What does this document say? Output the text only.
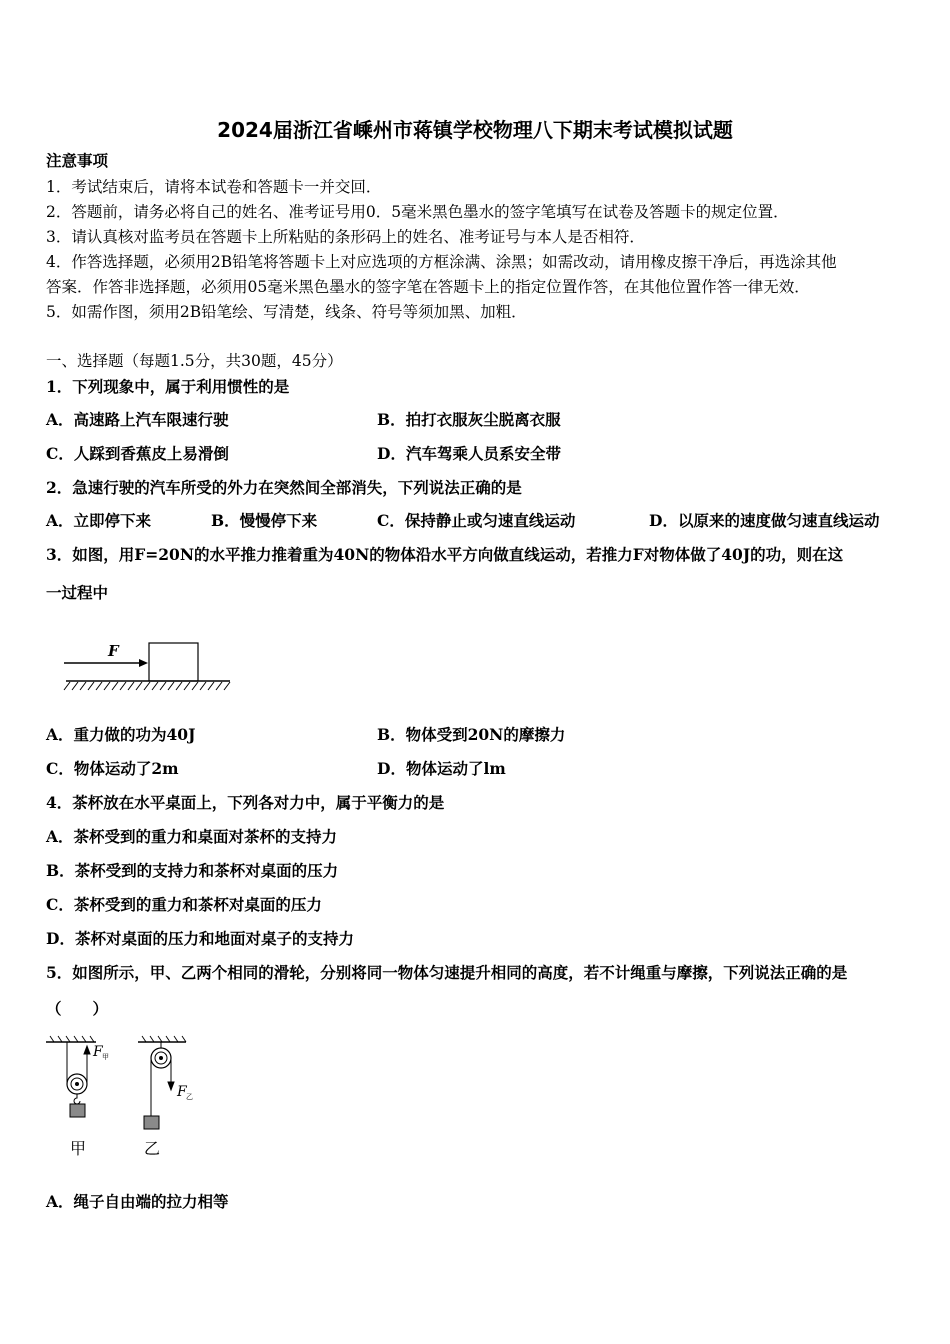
2024届浙江省嵊州市蒋镇学校物理八下期末考试模拟试题
注意事项
1．考试结束后，请将本试卷和答题卡一并交回．
2．答题前，请务必将自己的姓名、准考证号用0．5毫米黑色墨水的签字笔填写在试卷及答题卡的规定位置．
3．请认真核对监考员在答题卡上所粘贴的条形码上的姓名、准考证号与本人是否相符．
4．作答选择题，必须用2B铅笔将答题卡上对应选项的方框涂满、涂黑；如需改动，请用橡皮擦干净后，再选涂其他
答案．作答非选择题，必须用05毫米黑色墨水的签字笔在答题卡上的指定位置作答，在其他位置作答一律无效．
5．如需作图，须用2B铅笔绘、写清楚，线条、符号等须加黑、加粗．
一、选择题（每题1.5分，共30题，45分）
1．下列现象中，属于利用惯性的是
A．高速路上汽车限速行驶	B．拍打衣服灰尘脱离衣服
C．人踩到香蕉皮上易滑倒	D．汽车驾乘人员系安全带
2．急速行驶的汽车所受的外力在突然间全部消失，下列说法正确的是
A．立即停下来	B．慢慢停下来	C．保持静止或匀速直线运动	D．以原来的速度做匀速直线运动
3．如图，用F=20N的水平推力推着重为40N的物体沿水平方向做直线运动，若推力F对物体做了40J的功，则在这
一过程中
F
A．重力做的功为40J	B．物体受到20N的摩擦力
C．物体运动了2m	D．物体运动了lm
4．茶杯放在水平桌面上，下列各对力中，属于平衡力的是
A．茶杯受到的重力和桌面对茶杯的支持力
B．茶杯受到的支持力和茶杯对桌面的压力
C．茶杯受到的重力和茶杯对桌面的压力
D．茶杯对桌面的压力和地面对桌子的支持力
5．如图所示，甲、乙两个相同的滑轮，分别将同一物体匀速提升相同的高度，若不计绳重与摩擦，下列说法正确的是
（　　）
F 甲
甲
F 乙
乙
A．绳子自由端的拉力相等
